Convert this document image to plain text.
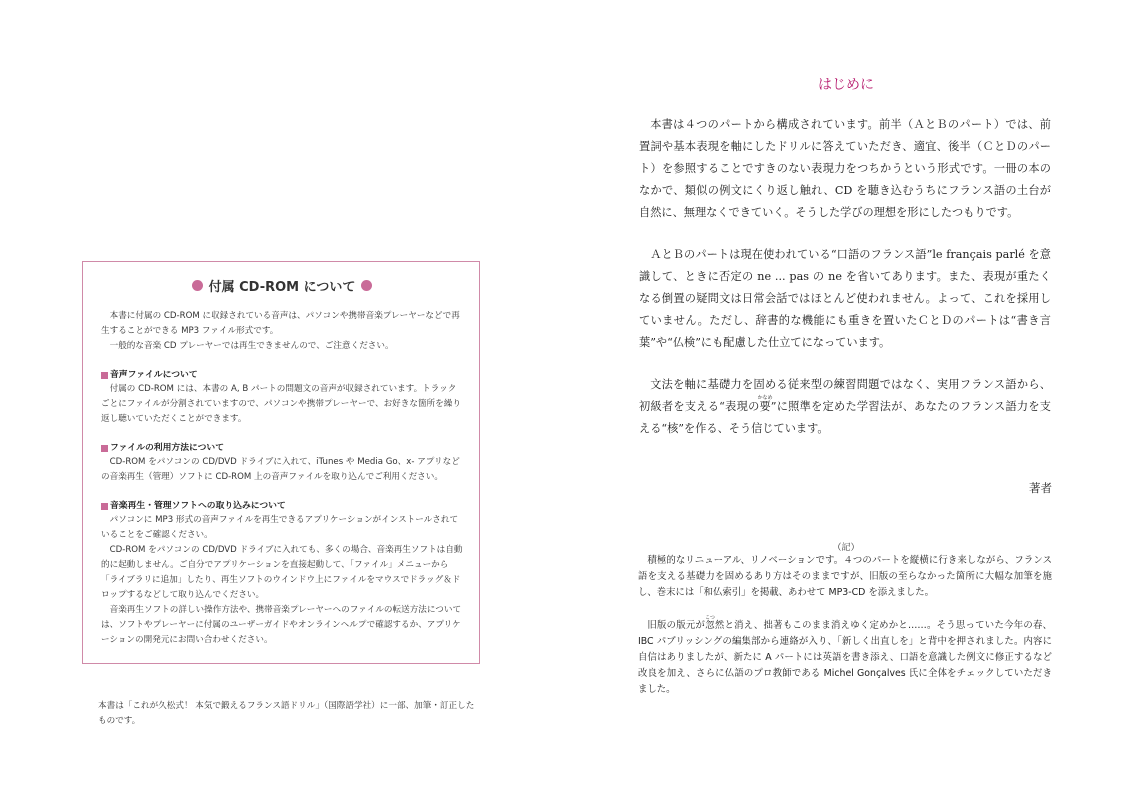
付属 CD-ROM について

本書に付属の CD-ROM に収録されている音声は、パソコンや携帯音楽プレーヤーなどで再生することができる MP3 ファイル形式です。

一般的な音楽 CD プレーヤーでは再生できませんので、ご注意ください。

音声ファイルについて

付属の CD-ROM には、本書の A, B パートの問題文の音声が収録されています。トラックごとにファイルが分割されていますので、パソコンや携帯プレーヤーで、お好きな箇所を繰り返し聴いていただくことができます。

ファイルの利用方法について

CD-ROM をパソコンの CD/DVD ドライブに入れて、iTunes や Media Go、x- アプリなどの音楽再生（管理）ソフトに CD-ROM 上の音声ファイルを取り込んでご利用ください。

音楽再生・管理ソフトへの取り込みについて

パソコンに MP3 形式の音声ファイルを再生できるアプリケーションがインストールされていることをご確認ください。

CD-ROM をパソコンの CD/DVD ドライブに入れても、多くの場合、音楽再生ソフトは自動的に起動しません。ご自分でアプリケーションを直接起動して、「ファイル」メニューから「ライブラリに追加」したり、再生ソフトのウインドウ上にファイルをマウスでドラッグ＆ドロップするなどして取り込んでください。

音楽再生ソフトの詳しい操作方法や、携帯音楽プレーヤーへのファイルの転送方法については、ソフトやプレーヤーに付属のユーザーガイドやオンラインヘルプで確認するか、アプリケーションの開発元にお問い合わせください。

本書は「これが久松式！ 本気で鍛えるフランス語ドリル」（国際語学社）に一部、加筆・訂正したものです。

はじめに

本書は４つのパートから構成されています。前半（ＡとＢのパート）では、前置詞や基本表現を軸にしたドリルに答えていただき、適宜、後半（ＣとＤのパート）を参照することですきのない表現力をつちかうという形式です。一冊の本のなかで、類似の例文にくり返し触れ、CD を聴き込むうちにフランス語の土台が自然に、無理なくできていく。そうした学びの理想を形にしたつもりです。

ＡとＢのパートは現在使われている“口語のフランス語”le français parlé を意識して、ときに否定の ne ... pas の ne を省いてあります。また、表現が重たくなる倒置の疑問文は日常会話ではほとんど使われません。よって、これを採用していません。ただし、辞書的な機能にも重きを置いたＣとＤのパートは“書き言葉”や“仏検”にも配慮した仕立てになっています。

文法を軸に基礎力を固める従来型の練習問題ではなく、実用フランス語から、初級者を支える“表現の要かなめ”に照準を定めた学習法が、あなたのフランス語力を支える“核”を作る、そう信じています。

著者
（記）

積極的なリニューアル、リノベーションです。４つのパートを縦横に行き来しながら、フランス語を支える基礎力を固めるあり方はそのままですが、旧版の至らなかった箇所に大幅な加筆を施し、巻末には「和仏索引」を掲載、あわせて MP3-CD を添えました。

旧版の版元が忽こつ然と消え、拙著もこのまま消えゆく定めかと……。そう思っていた今年の春、IBC パブリッシングの編集部から連絡が入り、「新しく出直しを」と背中を押されました。内容に自信はありましたが、新たに A パートには英語を書き添え、口語を意識した例文に修正するなど改良を加え、さらに仏語のプロ教師である Michel Gonçalves 氏に全体をチェックしていただきました。
